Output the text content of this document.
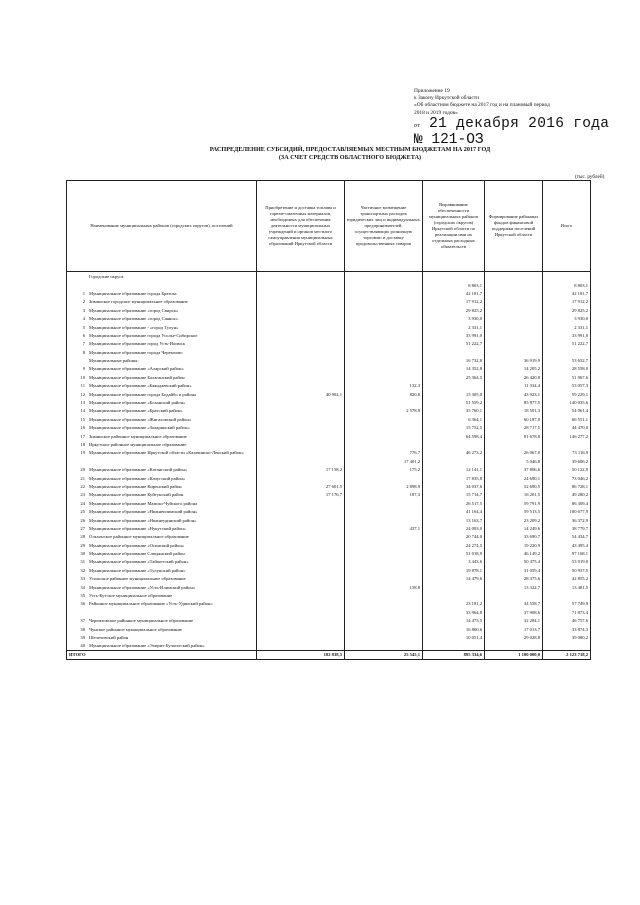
Приложение 19
к Закону Иркутской области
«Об областном бюджете на 2017 год и на плановый период
2018 и 2019 годов»
от 21 декабря 2016 года
№ 121-ОЗ
РАСПРЕДЕЛЕНИЕ СУБСИДИЙ, ПРЕДОСТАВЛЯЕМЫХ МЕСТНЫМ БЮДЖЕТАМ НА 2017 ГОД
(ЗА СЧЕТ СРЕДСТВ ОБЛАСТНОГО БЮДЖЕТА)
(тыс. рублей)
Наименование муниципальных районов (городских округов), поселений	Приобретение и доставка топлива и горюче-смазочных материалов, необходимых для обеспечения деятельности муниципальных учреждений и органов местного самоуправления муниципальных образований Иркутской области	Частичное возмещение транспортных расходов юридических лиц и индивидуальных предпринимателей, осуществляющих розничную торговлю и доставку продовольственных товаров	Выравнивание обеспеченности муниципальных районов (городских округов) Иркутской области по реализации ими их отдельных расходных обязательств	Формирование районных фондов финансовой поддержки поселений Иркутской области	Итого
Городские округа:					
			8 803,1		8 803,1
1 Муниципальное образование города Братска			42 181,7		42 181,7
2 Зиминское городское муниципальное образование			17 912,2		17 912,2
3 Муниципальное образование «город Свирск»			29 825,2		29 825,2
4 Муниципальное образование «город Саянск»			3 930,0		3 930,0
5 Муниципальное образование - «город Тулун»			2 331,1		2 331,1
6 Муниципальное образование города Усолье-Сибирское			33 991,0		33 991,0
7 Муниципальное образование город Усть-Илимск			51 222,7		51 222,7
8 Муниципальное образование города Черемхово					
Муниципальные районы:			16 732,8	36 919,9	53 652,7
9 Муниципальное образование «Аларский район»			14 352,8	14 205,2	28 558,0
10 Муниципальное образование Балаганский район			25 364,5	26 420,8	51 967,6
11 Муниципальное образование «Баяндаевский район»		132,3		11 334,4	53 057,3
12 Муниципальное образование города Бодайбо и района	40 902,1	820,8	15 305,0	43 923,1	59 229,1
13 Муниципальное образование «Боханский район»			51 559,2	85 877,5	140 035,6
14 Муниципальное образование «Братский район»		2 578,9	35 760,1	18 501,3	54 061,4
15 Муниципальное образование «Жигаловский район»			6 364,1	60 187,0	66 551,1
16 Муниципальное образование «Заларинский район»			15 752,5	28 717,5	44 470,0
17 Зиминское районное муниципальное образование			64 598,4	81 678,8	146 277,2
18 Иркутское районное муниципальное образование					
19 Муниципальное образование Иркутской области «Казачинско-Ленский район»		776,7	46 273,2	26 067,0	73 116,9
		17 401,2		5 046,8	39 606,2
20 Муниципальное образование «Катангский район»	17 158,2	175,2	12 141,1	37 806,6	50 122,9
21 Муниципальное образование «Качугский район»			17 835,8	24 690,1	73 046,2
22 Муниципальное образование Киренский район	27 601,5	2 898,9	34 037,6	52 690,5	86 728,1
23 Муниципальное образование Куйтунский район	17 176,7	187,3	15 714,7	16 201,5	49 280,2
24 Муниципальное образование Мамско-Чуйского района			26 517,5	59 791,9	86 309,4
25 Муниципальное образование «Нижнеилимский район»			41 164,4	59 513,5	100 677,9
26 Муниципальное образование «Нижнеудинский район»			13 163,7	23 209,2	36 372,9
27 Муниципальное образование «Нукутский район»		437,1	24 093,0	14 249,6	38 779,7
28 Ольхонское районное муниципальное образование			20 744,0	33 690,7	54 434,7
29 Муниципальное образование «Осинский район»			24 274,5	19 220,9	43 495,4
30 Муниципальное образование Слюдянский район			51 018,9	46 149,2	97 168,1
31 Муниципальное образование «Тайшетский район»			3 443,6	50 475,4	53 919,0
32 Муниципальное образование «Тулунский район»			19 878,1	31 059,4	50 937,5
33 Усольское районное муниципальное образование			14 479,6	28 375,6	42 855,2
34 Муниципальное образование «Усть-Илимский район»		158,8		13 322,7	13 481,5
35 Усть-Кутское муниципальное образование					
36 Районное муниципальное образование «Усть-Удинский район»			23 181,2	34 558,7	57 749,9
			33 964,8	37 908,6	71 873,4
37 Черемховское районное муниципальное образование			14 473,5	32 284,1	46 757,6
38 Чунское районное муниципальное образование			16 860,6	17 013,7	33 874,3
39 Шелеховский район			10 051,4	29 028,8	39 080,2
40 Муниципальное образование «Эхирит-Булагатский район»					
ИТОГО	102 838,5	25 545,1	895 334,6	1 100 000,0	2 123 718,2
